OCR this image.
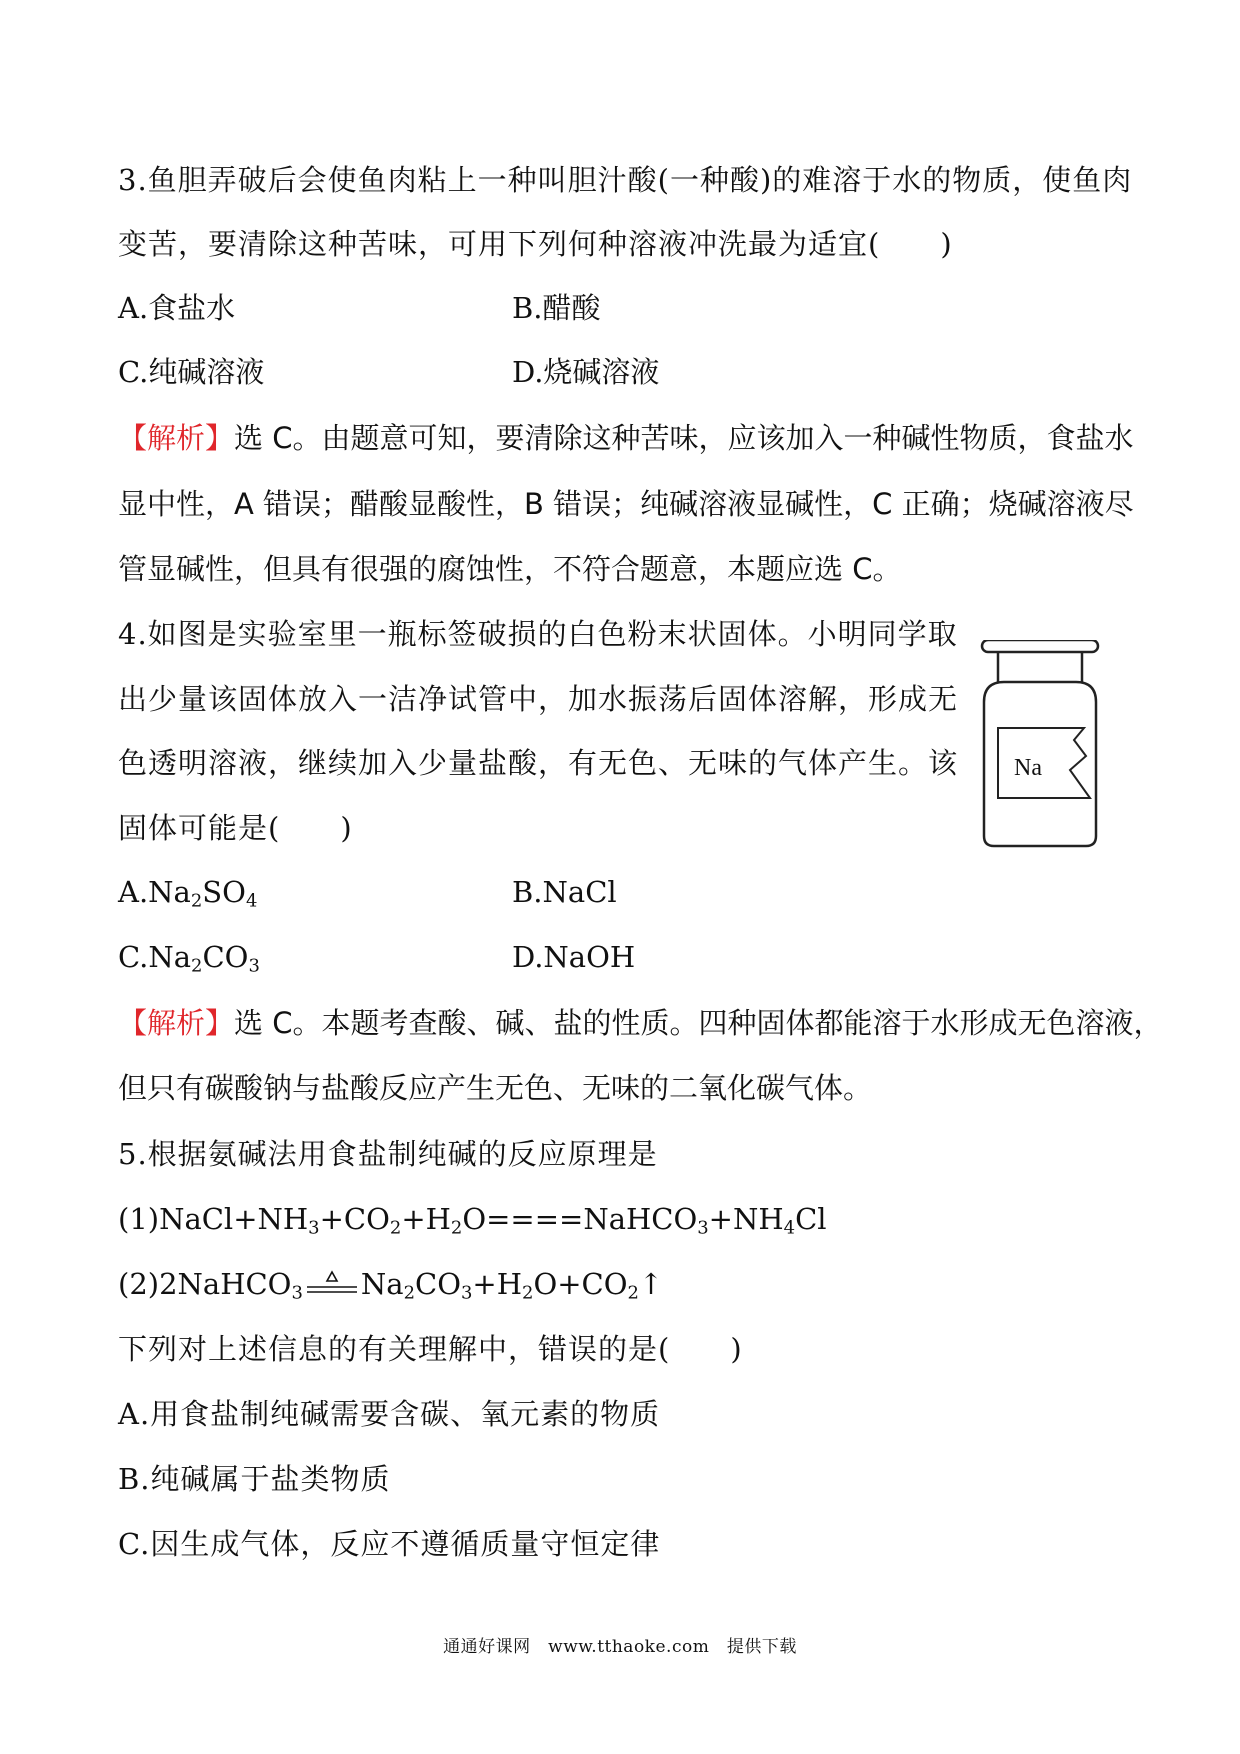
3.鱼胆弄破后会使鱼肉粘上一种叫胆汁酸(一种酸)的难溶于水的物质，使鱼肉
变苦，要清除这种苦味，可用下列何种溶液冲洗最为适宜(　　)
A.食盐水	B.醋酸
C.纯碱溶液	D.烧碱溶液
【解析】选 C。由题意可知，要清除这种苦味，应该加入一种碱性物质，食盐水
显中性，A 错误；醋酸显酸性，B 错误；纯碱溶液显碱性，C 正确；烧碱溶液尽
管显碱性，但具有很强的腐蚀性，不符合题意，本题应选 C。
4.如图是实验室里一瓶标签破损的白色粉末状固体。小明同学取
出少量该固体放入一洁净试管中，加水振荡后固体溶解，形成无
色透明溶液，继续加入少量盐酸，有无色、无味的气体产生。该
固体可能是(　　)
Na
$A.Na_2SO_4$	B.NaCl
$C.Na_2CO_3$	D.NaOH
【解析】选 C。本题考查酸、碱、盐的性质。四种固体都能溶于水形成无色溶液，
但只有碳酸钠与盐酸反应产生无色、无味的二氧化碳气体。
5.根据氨碱法用食盐制纯碱的反应原理是
$(1)NaCl+NH_3+CO_2+H_2O====NaHCO_3+NH_4Cl$
(2)2NaHCO$_3$ $Na_2CO_3+H_2O+CO_2↑$
下列对上述信息的有关理解中，错误的是(　　)
A.用食盐制纯碱需要含碳、氧元素的物质
B.纯碱属于盐类物质
C.因生成气体，反应不遵循质量守恒定律
通通好课网　www.tthaoke.com　提供下载
